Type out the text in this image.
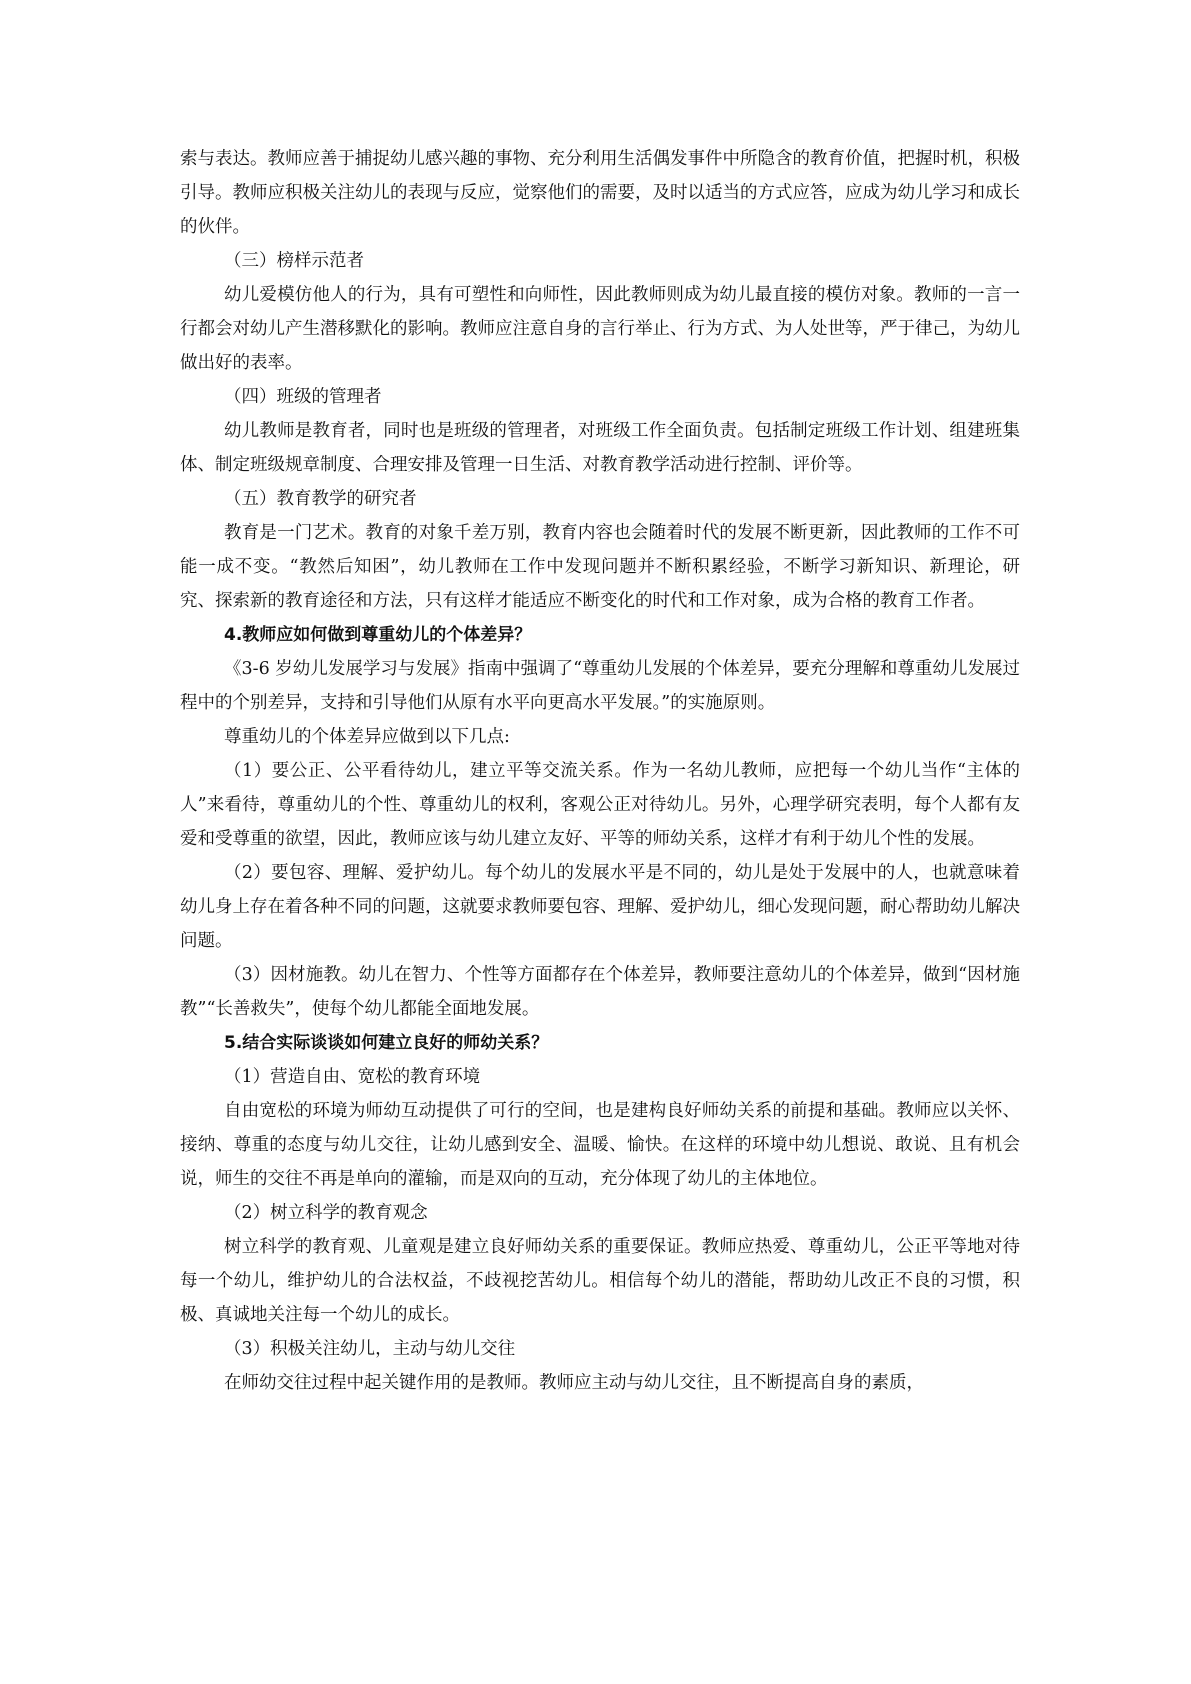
索与表达。教师应善于捕捉幼儿感兴趣的事物、充分利用生活偶发事件中所隐含的教育价值，把握时机，积极引导。教师应积极关注幼儿的表现与反应，觉察他们的需要，及时以适当的方式应答，应成为幼儿学习和成长的伙伴。

（三）榜样示范者

幼儿爱模仿他人的行为，具有可塑性和向师性，因此教师则成为幼儿最直接的模仿对象。教师的一言一行都会对幼儿产生潜移默化的影响。教师应注意自身的言行举止、行为方式、为人处世等，严于律己，为幼儿做出好的表率。

（四）班级的管理者

幼儿教师是教育者，同时也是班级的管理者，对班级工作全面负责。包括制定班级工作计划、组建班集体、制定班级规章制度、合理安排及管理一日生活、对教育教学活动进行控制、评价等。

（五）教育教学的研究者

教育是一门艺术。教育的对象千差万别，教育内容也会随着时代的发展不断更新，因此教师的工作不可能一成不变。“教然后知困”，幼儿教师在工作中发现问题并不断积累经验，不断学习新知识、新理论，研究、探索新的教育途径和方法，只有这样才能适应不断变化的时代和工作对象，成为合格的教育工作者。

4.教师应如何做到尊重幼儿的个体差异？

《3-6 岁幼儿发展学习与发展》指南中强调了“尊重幼儿发展的个体差异，要充分理解和尊重幼儿发展过程中的个别差异，支持和引导他们从原有水平向更高水平发展。”的实施原则。

尊重幼儿的个体差异应做到以下几点:

（1）要公正、公平看待幼儿，建立平等交流关系。作为一名幼儿教师，应把每一个幼儿当作“主体的人”来看待，尊重幼儿的个性、尊重幼儿的权利，客观公正对待幼儿。另外，心理学研究表明，每个人都有友爱和受尊重的欲望，因此，教师应该与幼儿建立友好、平等的师幼关系，这样才有利于幼儿个性的发展。

（2）要包容、理解、爱护幼儿。每个幼儿的发展水平是不同的，幼儿是处于发展中的人，也就意味着幼儿身上存在着各种不同的问题，这就要求教师要包容、理解、爱护幼儿，细心发现问题，耐心帮助幼儿解决问题。

（3）因材施教。幼儿在智力、个性等方面都存在个体差异，教师要注意幼儿的个体差异，做到“因材施教”“长善救失”，使每个幼儿都能全面地发展。

5.结合实际谈谈如何建立良好的师幼关系？

（1）营造自由、宽松的教育环境

自由宽松的环境为师幼互动提供了可行的空间，也是建构良好师幼关系的前提和基础。教师应以关怀、接纳、尊重的态度与幼儿交往，让幼儿感到安全、温暖、愉快。在这样的环境中幼儿想说、敢说、且有机会说，师生的交往不再是单向的灌输，而是双向的互动，充分体现了幼儿的主体地位。

（2）树立科学的教育观念

树立科学的教育观、儿童观是建立良好师幼关系的重要保证。教师应热爱、尊重幼儿，公正平等地对待每一个幼儿，维护幼儿的合法权益，不歧视挖苦幼儿。相信每个幼儿的潜能，帮助幼儿改正不良的习惯，积极、真诚地关注每一个幼儿的成长。

（3）积极关注幼儿，主动与幼儿交往

在师幼交往过程中起关键作用的是教师。教师应主动与幼儿交往，且不断提高自身的素质，
